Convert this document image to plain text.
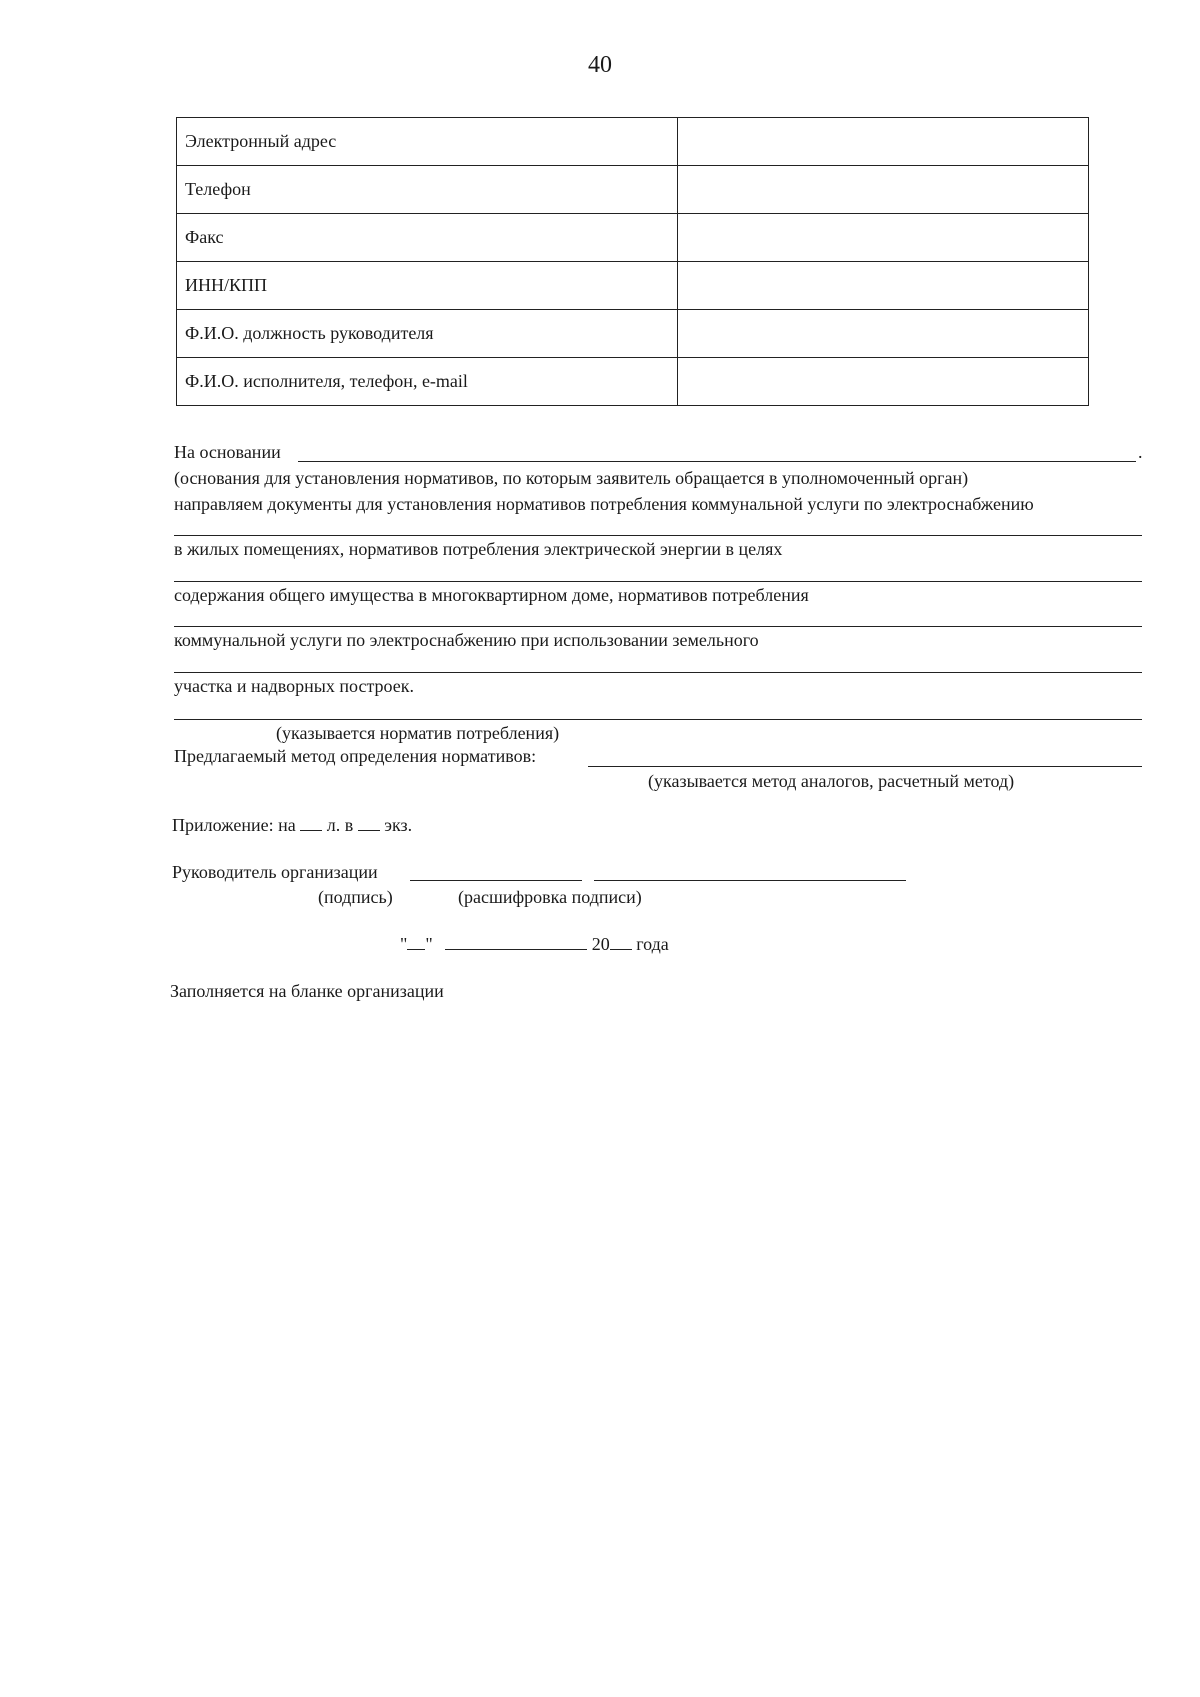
40
Электронный адрес	
Телефон	
Факс	
ИНН/КПП	
Ф.И.О. должность руководителя	
Ф.И.О. исполнителя, телефон, e-mail	
На основании	.
(основания для установления нормативов, по которым заявитель обращается в уполномоченный орган)
направляем документы для установления нормативов потребления коммунальной услуги по электроснабжению
в жилых помещениях, нормативов потребления электрической энергии в целях
содержания общего имущества в многоквартирном доме, нормативов потребления
коммунальной услуги по электроснабжению при использовании земельного
участка и надворных построек.
(указывается норматив потребления)
Предлагаемый метод определения нормативов:
(указывается метод аналогов, расчетный метод)
Приложение: на л. в экз.
Руководитель организации
(подпись)	(расшифровка подписи)
" "	20 года
Заполняется на бланке организации
